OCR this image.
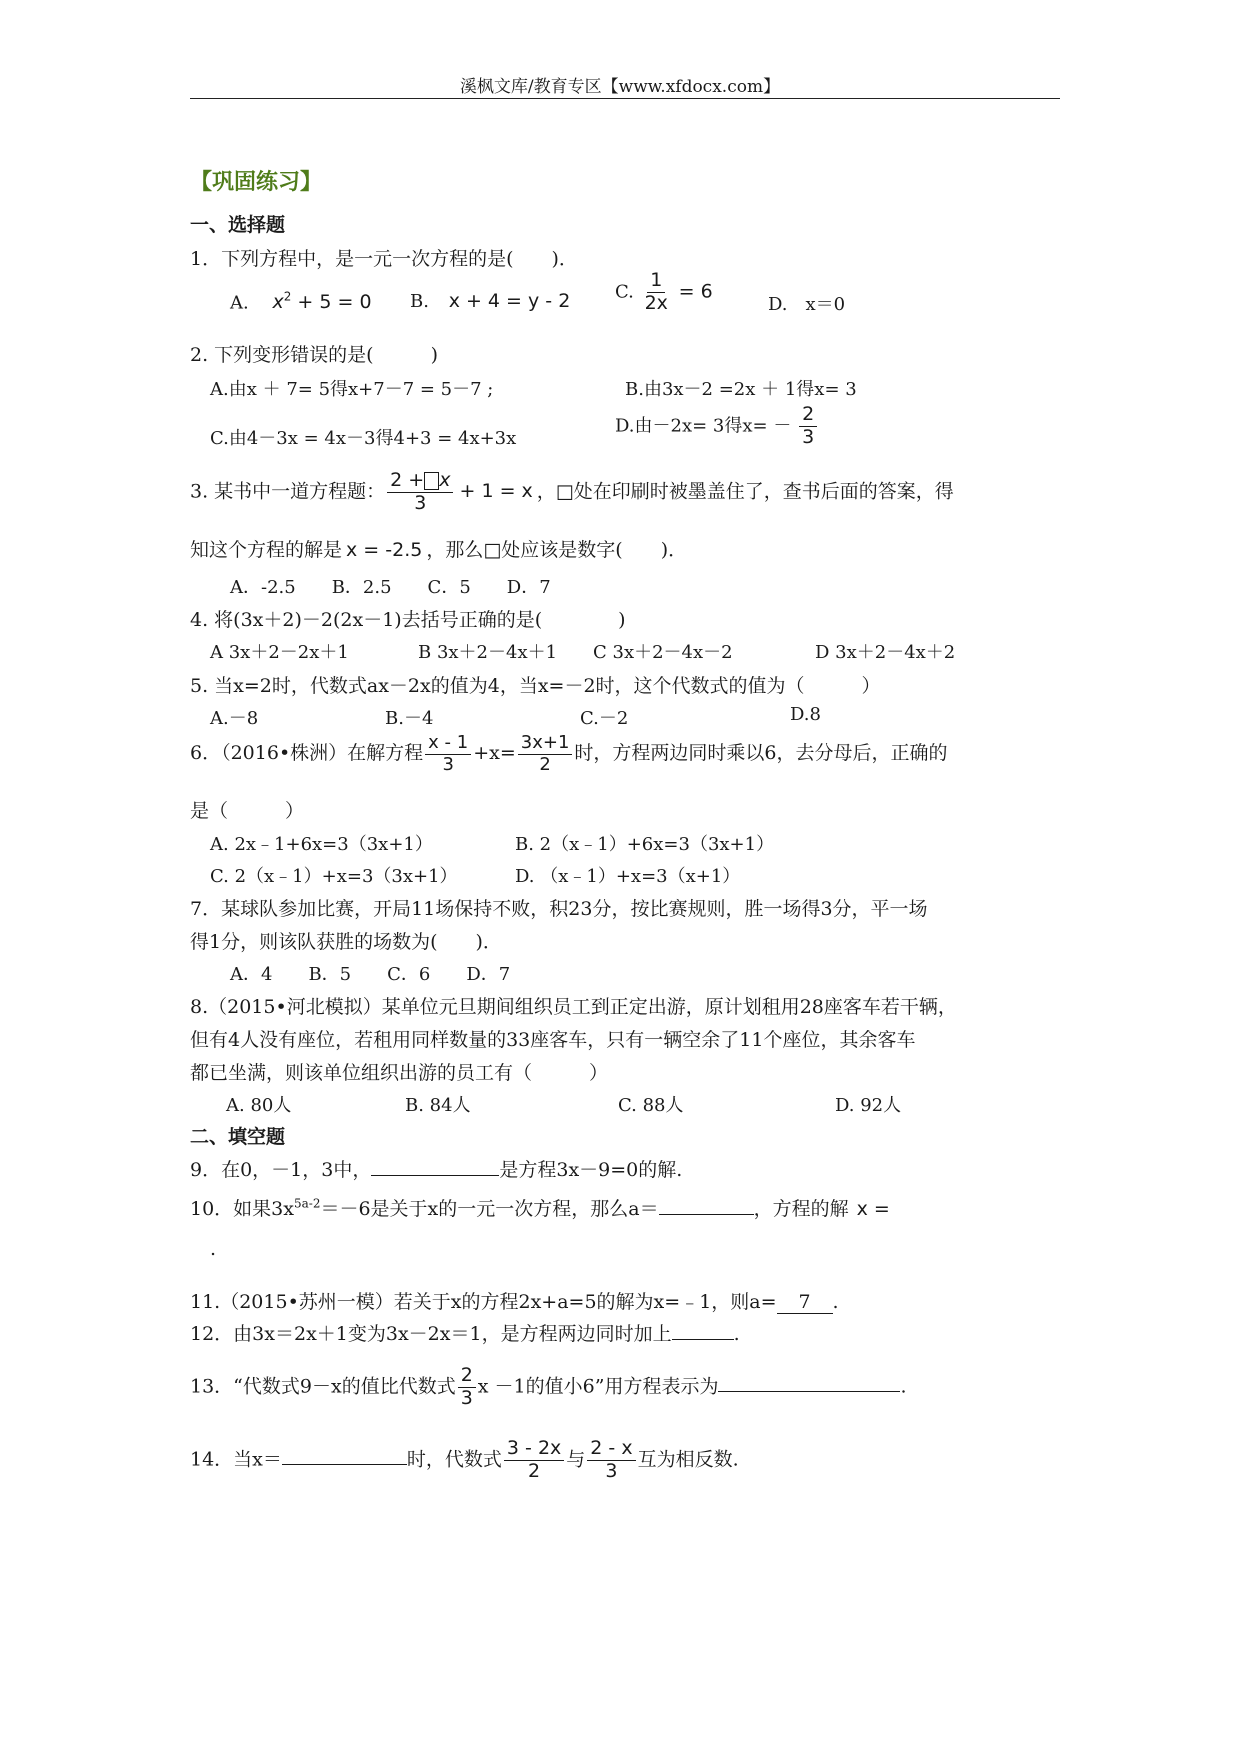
溪枫文库/教育专区【www.xfdocx.com】
【巩固练习】
一、选择题
1．下列方程中，是一元一次方程的是(　　)．
A. $x^2 + 5 = 0$ B. x + 4 = y - 2 C. $\frac{1}{2x} = 6$
D.　x＝0
2. 下列变形错误的是(　　　)
A.由x ＋ 7= 5得x+7－7 = 5－7 ;	B.由3x－2 =2x ＋ 1得x= 3
C.由4－3x = 4x－3得4+3 = 4x+3x
D.由－2x= 3得$x= - \frac{2}{3}$
3. 某书中一道方程题： $\frac{2 + x}{3} + 1 = x$ ，□处在印刷时被墨盖住了，查书后面的答案，得
知这个方程的解是 x = -2.5 ，那么□处应该是数字(　　)．
A．-2.5　　B．2.5　　C．5　　D．7
4. 将(3x＋2)－2(2x－1)去括号正确的是(　　　　)
A 3x＋2－2x＋1	B 3x＋2－4x＋1 C 3x＋2－4x－2	D 3x＋2－4x＋2
5. 当x=2时，代数式ax－2x的值为4，当x=－2时，这个代数式的值为（　　　）
A.－8	B.－4	C.－2	D.8
6．（2016•株洲）在解方程 $\frac{x - 1}{3} +x= \frac{3x+1}{2}$ 时，方程两边同时乘以6，去分母后，正确的
是（　　　）
A. 2x﹣1+6x=3（3x+1）	B. 2（x﹣1）+6x=3（3x+1）
C. 2（x﹣1）+x=3（3x+1）	D. （x﹣1）+x=3（x+1）
7．某球队参加比赛，开局11场保持不败，积23分，按比赛规则，胜一场得3分，平一场
得1分，则该队获胜的场数为(　　)．
A．4　　B．5　　C．6　　D．7
8.（2015•河北模拟）某单位元旦期间组织员工到正定出游，原计划租用28座客车若干辆，
但有4人没有座位，若租用同样数量的33座客车，只有一辆空余了11个座位，其余客车
都已坐满，则该单位组织出游的员工有（　　　）
A. 80人	B. 84人	C. 88人	D. 92人
二、填空题
9．在0，－1，3中，	是方程3x－9=0的解.
10．如果$3x^{5a-2}=-6$是关于x的一元一次方程，那么a＝	，方程的解 x =
.
11.（2015•苏州一模）若关于x的方程2x+a=5的解为x=﹣1，则a= 7 .
12．由3x＝2x＋1变为3x－2x＝1，是方程两边同时加上	.
13．“代数式9－x的值比代数式 $\frac{2}{3}$ x －1的值小6”用方程表示为	.
14．当x＝	时，代数式 $\frac{3 - 2x}{2}$ 与 $\frac{2 - x}{3}$ 互为相反数.
